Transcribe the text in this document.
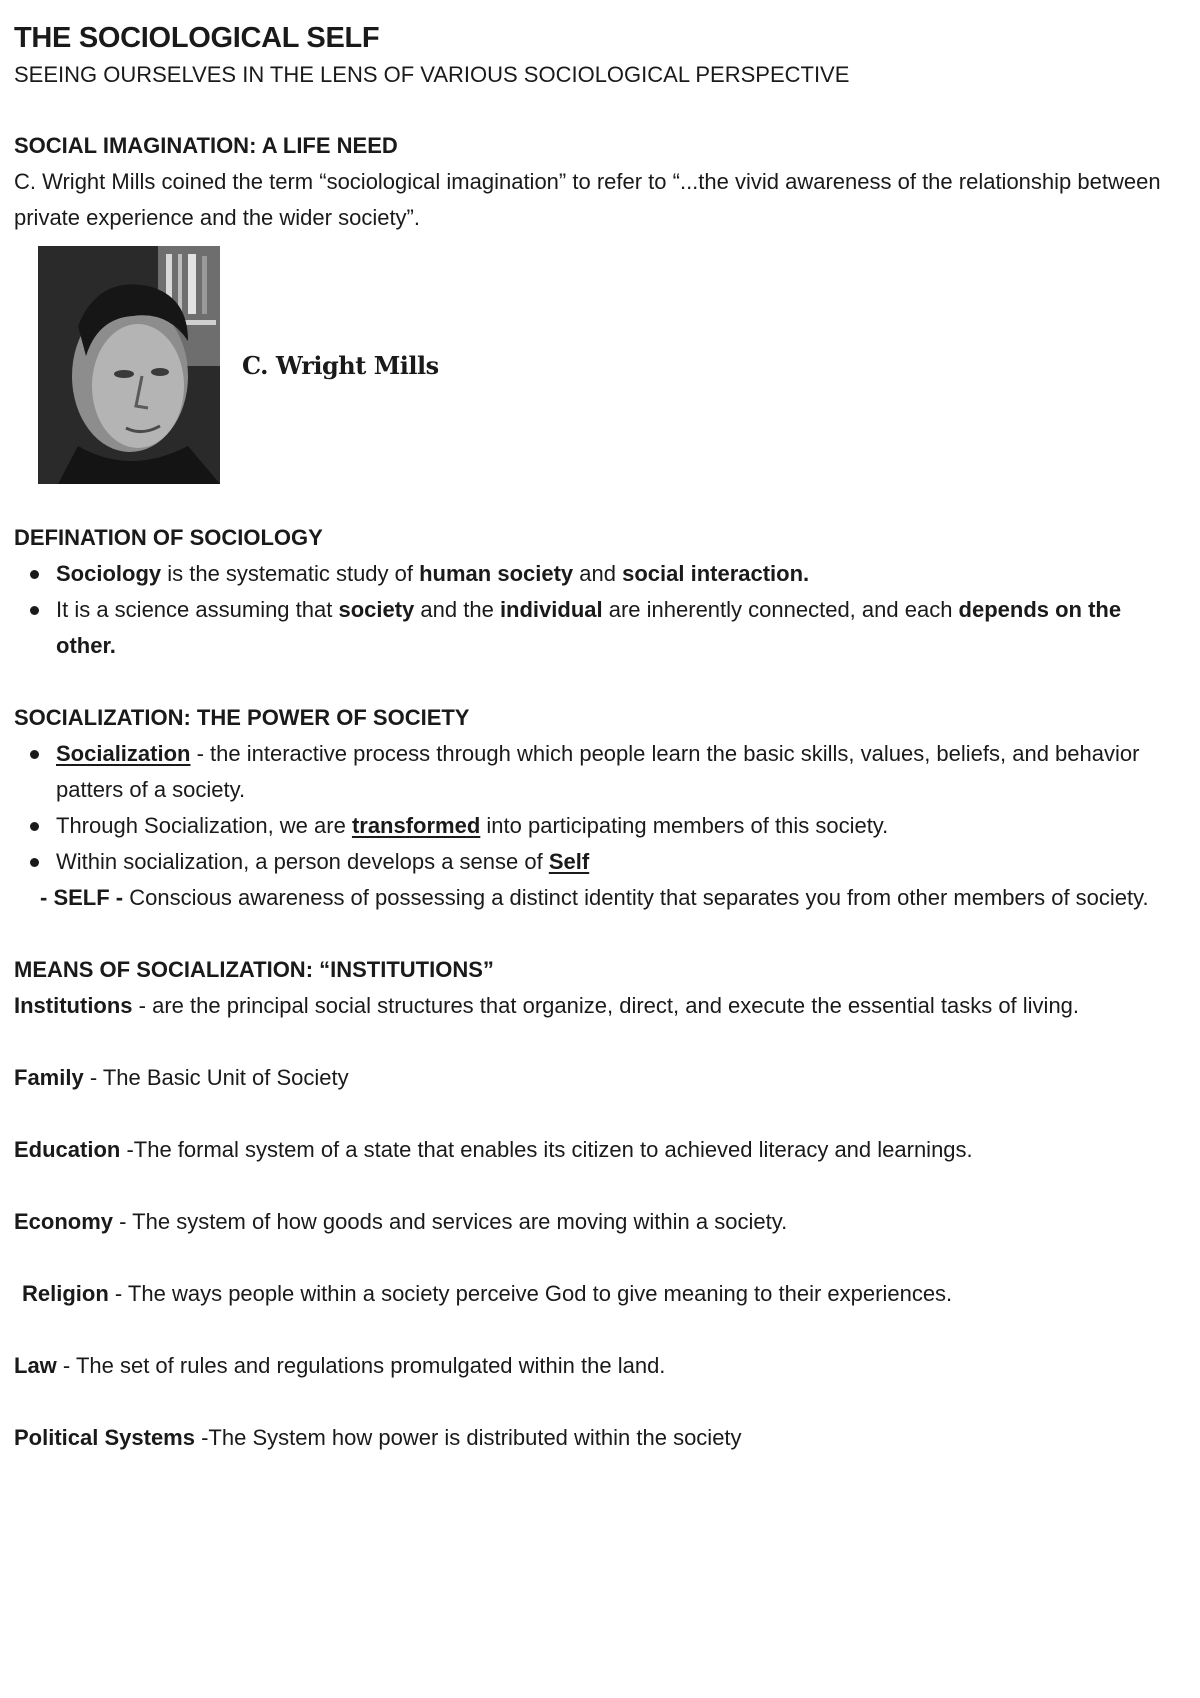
THE SOCIOLOGICAL SELF

SEEING OURSELVES IN THE LENS OF VARIOUS SOCIOLOGICAL PERSPECTIVE

SOCIAL IMAGINATION: A LIFE NEED

C. Wright Mills coined the term “sociological imagination” to refer to “...the vivid awareness of the relationship between private experience and the wider society”.

C. Wright Mills

DEFINATION OF SOCIOLOGY

Sociology is the systematic study of human society and social interaction.
It is a science assuming that society and the individual are inherently connected, and each depends on the other.

SOCIALIZATION: THE POWER OF SOCIETY

Socialization - the interactive process through which people learn the basic skills, values, beliefs, and behavior patters of a society.
Through Socialization, we are transformed into participating members of this society.
Within socialization, a person develops a sense of Self

- SELF - Conscious awareness of possessing a distinct identity that separates you from other members of society.

MEANS OF SOCIALIZATION: “INSTITUTIONS”

Institutions - are the principal social structures that organize, direct, and execute the essential tasks of living.

Family - The Basic Unit of Society

Education -The formal system of a state that enables its citizen to achieved literacy and learnings.

Economy - The system of how goods and services are moving within a society.

Religion - The ways people within a society perceive God to give meaning to their experiences.

Law - The set of rules and regulations promulgated within the land.

Political Systems -The System how power is distributed within the society
